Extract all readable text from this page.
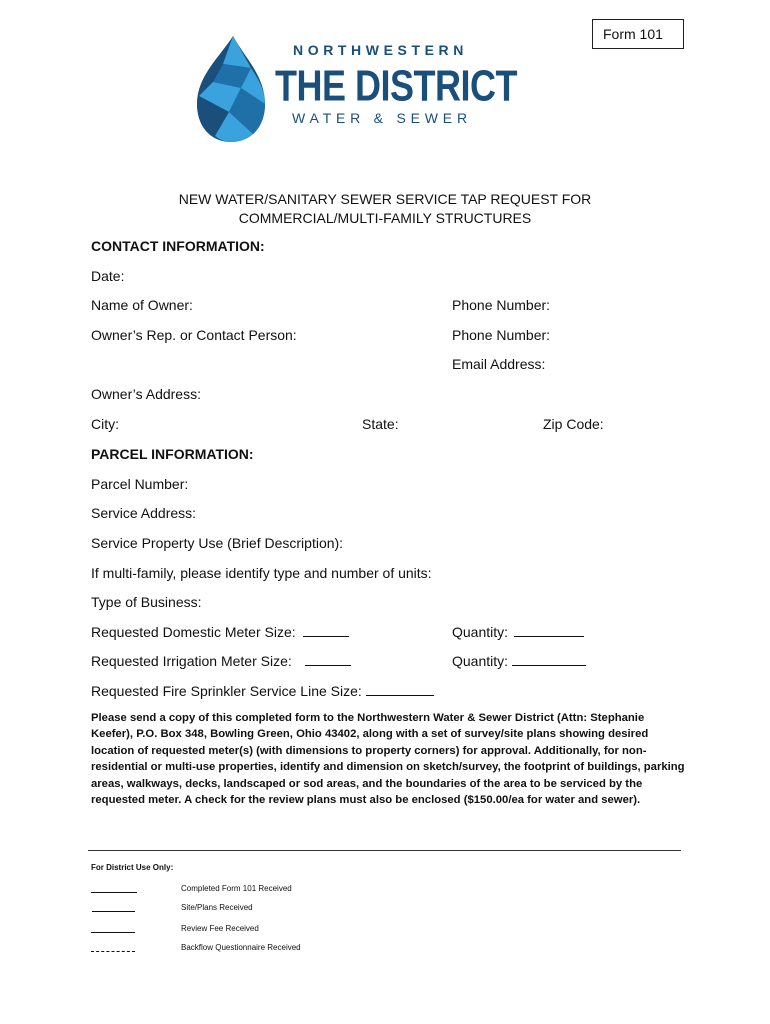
Form 101
NORTHWESTERN
THE DISTRICT
WATER & SEWER
NEW WATER/SANITARY SEWER SERVICE TAP REQUEST FOR
COMMERCIAL/MULTI-FAMILY STRUCTURES
CONTACT INFORMATION:
Date:
Name of Owner:	Phone Number:
Owner’s Rep. or Contact Person:	Phone Number:
Email Address:
Owner’s Address:
City:	State:	Zip Code:
PARCEL INFORMATION:
Parcel Number:
Service Address:
Service Property Use (Brief Description):
If multi-family, please identify type and number of units:
Type of Business:
Requested Domestic Meter Size:	Quantity:
Requested Irrigation Meter Size:	Quantity:
Requested Fire Sprinkler Service Line Size:
Please send a copy of this completed form to the Northwestern Water & Sewer District (Attn: Stephanie Keefer), P.O. Box 348, Bowling Green, Ohio 43402, along with a set of survey/site plans showing desired location of requested meter(s) (with dimensions to property corners) for approval. Additionally, for non-residential or multi-use properties, identify and dimension on sketch/survey, the footprint of buildings, parking areas, walkways, decks, landscaped or sod areas, and the boundaries of the area to be serviced by the requested meter. A check for the review plans must also be enclosed ($150.00/ea for water and sewer).
For District Use Only:
Completed Form 101 Received
Site/Plans Received
Review Fee Received
Backflow Questionnaire Received
